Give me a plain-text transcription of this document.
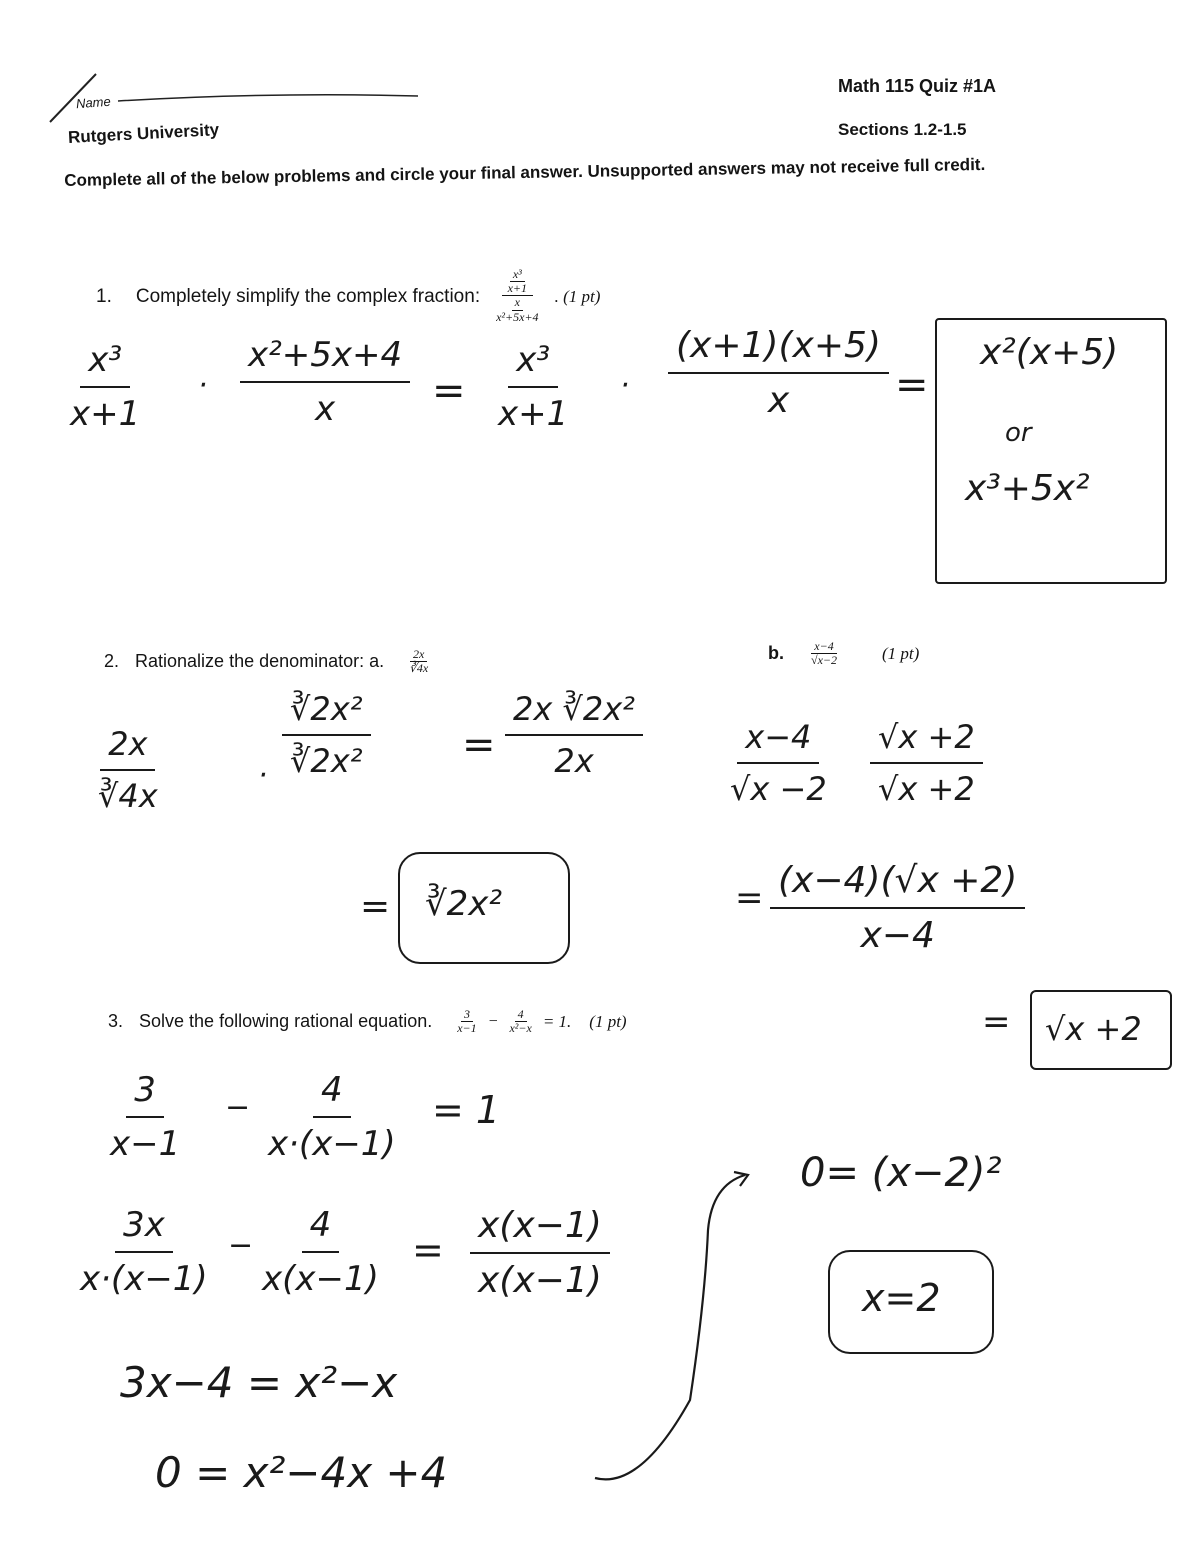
Name
Rutgers University
Math 115 Quiz #1A
Sections 1.2-1.5
Complete all of the below problems and circle your final answer. Unsupported answers may not receive full credit.
1. Completely simplify the complex fraction:
$\frac{\text{x³}}{x+1}$
$\frac{x}{\text{x²+5x+4}}$ . (1 pt)
$\frac{\text{x³}}{x+1} \cdot \frac{\text{x²+5x+4}}{x} = \frac{\text{x³}}{x+1} \cdot \frac{(x+1)(x+5)}{x}$ =
x²(x+5)
or
x³+5x²
2. Rationalize the denominator: a. $\frac{2x}{∛4x}$	b. $\frac{x-4}{√x-2} (1$ pt)
$\frac{2x}{∛4x}$	· $\frac{\text{∛2x²}}{\text{∛2x²}} = \frac{\text{2x ∛2x²}}{2x}$
= ∛2x²
$\frac{x-4}{√x -2} \frac{√x +2}{√x +2}$
= $\frac{(x-4)(√x +2)}{x-4}$
= √x +2
3. Solve the following rational equation. $\frac{3}{x-1} - \frac{4}{\text{x²−x}} = 1$. (1 pt)
$\frac{3}{x-1} - \frac{4}{x\cdot(x-1)} = 1$
$\frac{3x}{x\cdot(x-1)} - \frac{4}{x(x-1)} = \frac{x(x-1)}{x(x-1)}$
3x−4 = x²−x
0 = x²−4x +4
0= (x−2)²
x=2
